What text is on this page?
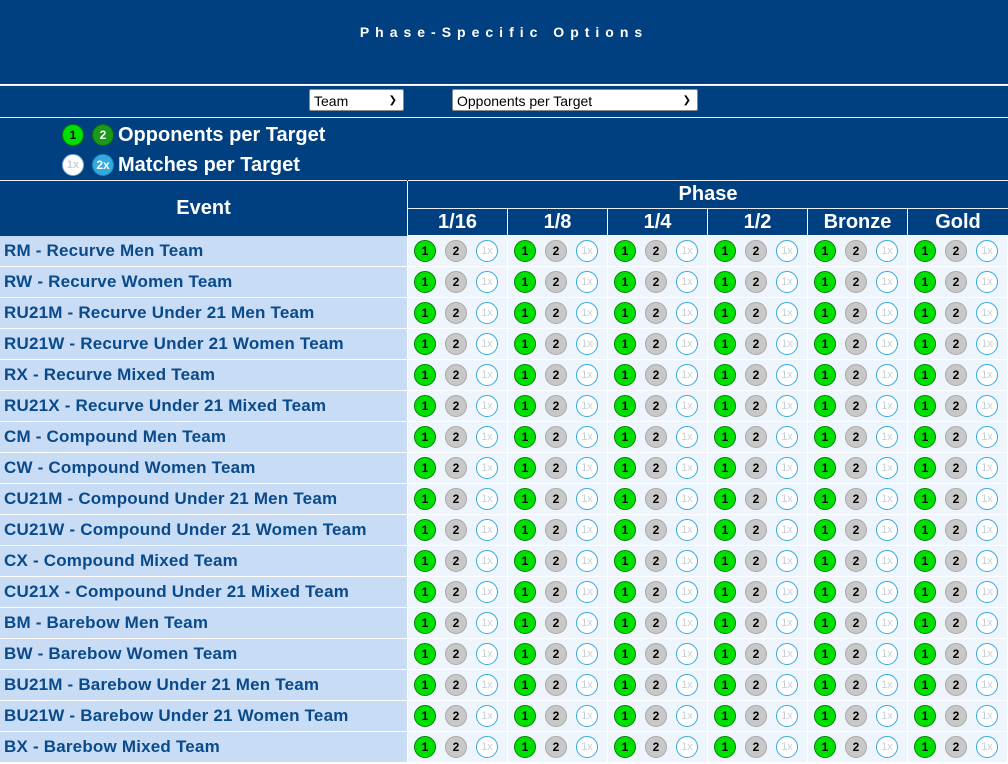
Phase-Specific Options
Team	❯	Opponents per Target	❯
1	2 Opponents per Target
1x	2x Matches per Target
Event
Phase
1/16	1/8	1/4	1/2	Bronze	Gold
RM - Recurve Men Team	1	2	1x	1	2	1x	1	2	1x	1	2	1x	1	2	1x	1	2	1x
RW - Recurve Women Team	1	2	1x	1	2	1x	1	2	1x	1	2	1x	1	2	1x	1	2	1x
RU21M - Recurve Under 21 Men Team	1	2	1x	1	2	1x	1	2	1x	1	2	1x	1	2	1x	1	2	1x
RU21W - Recurve Under 21 Women Team	1	2	1x	1	2	1x	1	2	1x	1	2	1x	1	2	1x	1	2	1x
RX - Recurve Mixed Team	1	2	1x	1	2	1x	1	2	1x	1	2	1x	1	2	1x	1	2	1x
RU21X - Recurve Under 21 Mixed Team	1	2	1x	1	2	1x	1	2	1x	1	2	1x	1	2	1x	1	2	1x
CM - Compound Men Team	1	2	1x	1	2	1x	1	2	1x	1	2	1x	1	2	1x	1	2	1x
CW - Compound Women Team	1	2	1x	1	2	1x	1	2	1x	1	2	1x	1	2	1x	1	2	1x
CU21M - Compound Under 21 Men Team	1	2	1x	1	2	1x	1	2	1x	1	2	1x	1	2	1x	1	2	1x
CU21W - Compound Under 21 Women Team	1	2	1x	1	2	1x	1	2	1x	1	2	1x	1	2	1x	1	2	1x
CX - Compound Mixed Team	1	2	1x	1	2	1x	1	2	1x	1	2	1x	1	2	1x	1	2	1x
CU21X - Compound Under 21 Mixed Team	1	2	1x	1	2	1x	1	2	1x	1	2	1x	1	2	1x	1	2	1x
BM - Barebow Men Team	1	2	1x	1	2	1x	1	2	1x	1	2	1x	1	2	1x	1	2	1x
BW - Barebow Women Team	1	2	1x	1	2	1x	1	2	1x	1	2	1x	1	2	1x	1	2	1x
BU21M - Barebow Under 21 Men Team	1	2	1x	1	2	1x	1	2	1x	1	2	1x	1	2	1x	1	2	1x
BU21W - Barebow Under 21 Women Team	1	2	1x	1	2	1x	1	2	1x	1	2	1x	1	2	1x	1	2	1x
BX - Barebow Mixed Team	1	2	1x	1	2	1x	1	2	1x	1	2	1x	1	2	1x	1	2	1x
